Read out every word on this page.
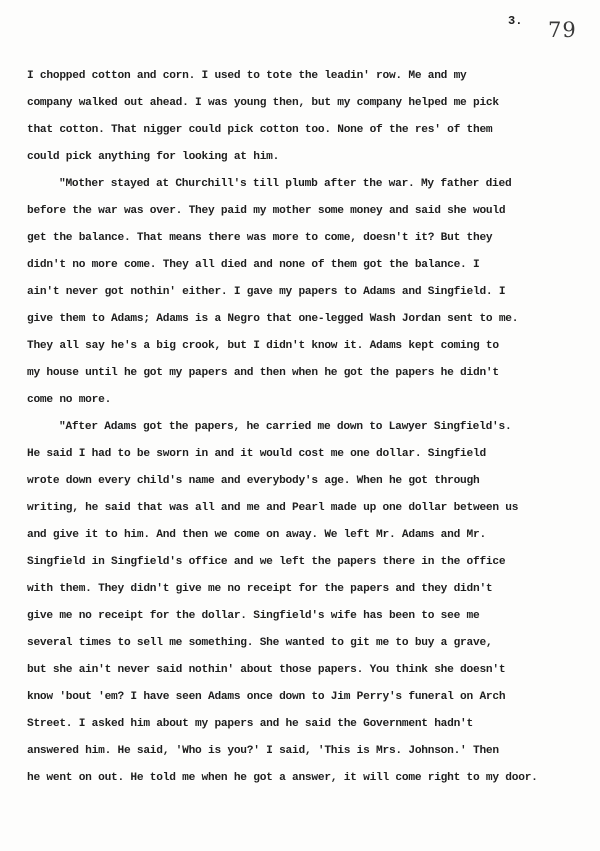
3. 79
I chopped cotton and corn. I used to tote the leadin' row. Me and my
company walked out ahead. I was young then, but my company helped me pick
that cotton. That nigger could pick cotton too. None of the res' of them
could pick anything for looking at him.
"Mother stayed at Churchill's till plumb after the war. My father died
before the war was over. They paid my mother some money and said she would
get the balance. That means there was more to come, doesn't it? But they
didn't no more come. They all died and none of them got the balance. I
ain't never got nothin' either. I gave my papers to Adams and Singfield. I
give them to Adams; Adams is a Negro that one-legged Wash Jordan sent to me.
They all say he's a big crook, but I didn't know it. Adams kept coming to
my house until he got my papers and then when he got the papers he didn't
come no more.
"After Adams got the papers, he carried me down to Lawyer Singfield's.
He said I had to be sworn in and it would cost me one dollar. Singfield
wrote down every child's name and everybody's age. When he got through
writing, he said that was all and me and Pearl made up one dollar between us
and give it to him. And then we come on away. We left Mr. Adams and Mr.
Singfield in Singfield's office and we left the papers there in the office
with them. They didn't give me no receipt for the papers and they didn't
give me no receipt for the dollar. Singfield's wife has been to see me
several times to sell me something. She wanted to git me to buy a grave,
but she ain't never said nothin' about those papers. You think she doesn't
know 'bout 'em? I have seen Adams once down to Jim Perry's funeral on Arch
Street. I asked him about my papers and he said the Government hadn't
answered him. He said, 'Who is you?' I said, 'This is Mrs. Johnson.' Then
he went on out. He told me when he got a answer, it will come right to my door.
